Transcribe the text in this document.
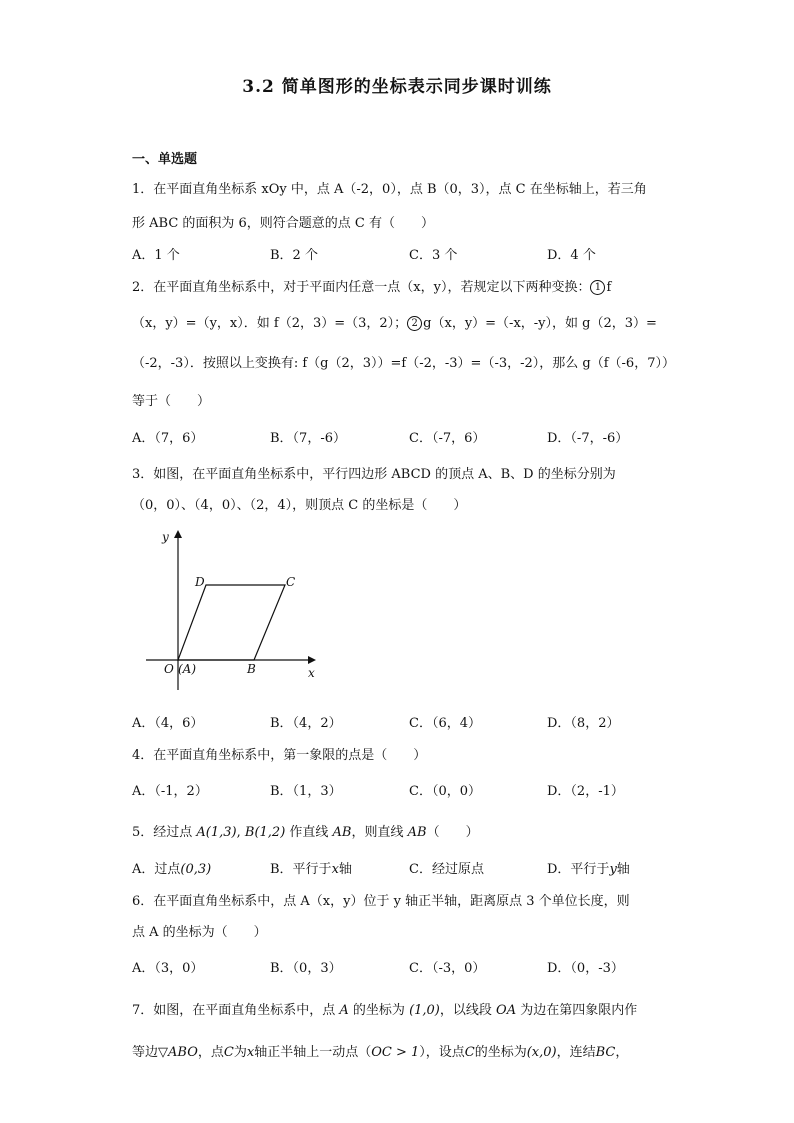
3.2 简单图形的坐标表示同步课时训练
一、单选题
1．在平面直角坐标系 xOy 中，点 A（-2，0），点 B（0，3），点 C 在坐标轴上，若三角
形 ABC 的面积为 6，则符合题意的点 C 有（　　）
A．1 个	B．2 个	C．3 个	D．4 个
2．在平面直角坐标系中，对于平面内任意一点（x，y），若规定以下两种变换： 1 f
（x，y）=（y，x）．如 f（2，3）=（3，2）； 2 g（x，y）=（-x，-y），如 g（2，3）=
（-2，-3）．按照以上变换有: f（g（2，3））=f（-2，-3）=（-3，-2），那么 g（f（-6，7））
等于（　　）
A．（7，6）	B．（7，-6）	C．（-7，6）	D．（-7，-6）
3．如图，在平面直角坐标系中，平行四边形 ABCD 的顶点 A、B、D 的坐标分别为
（0，0）、（4，0）、（2，4），则顶点 C 的坐标是（　　）
y
D	C
O (A)	B	x
A．（4，6）	B．（4，2）	C．（6，4）	D．（8，2）
4．在平面直角坐标系中，第一象限的点是（　　）
A．（-1，2）	B．（1，3）	C．（0，0）	D．（2，-1）
5．经过点 A(1,3), B(1,2) 作直线 AB，则直线 AB（　　）
A．过点(0,3)	B．平行于x轴	C．经过原点	D．平行于y轴
6．在平面直角坐标系中，点 A（x，y）位于 y 轴正半轴，距离原点 3 个单位长度，则
点 A 的坐标为（　　）
A．（3，0）	B．（0，3）	C．（-3，0）	D．（0，-3）
7．如图，在平面直角坐标系中，点 A 的坐标为 (1,0)，以线段 OA 为边在第四象限内作
等边▽ABO，点C为x轴正半轴上一动点（OC > 1），设点C的坐标为(x,0)，连结BC，
